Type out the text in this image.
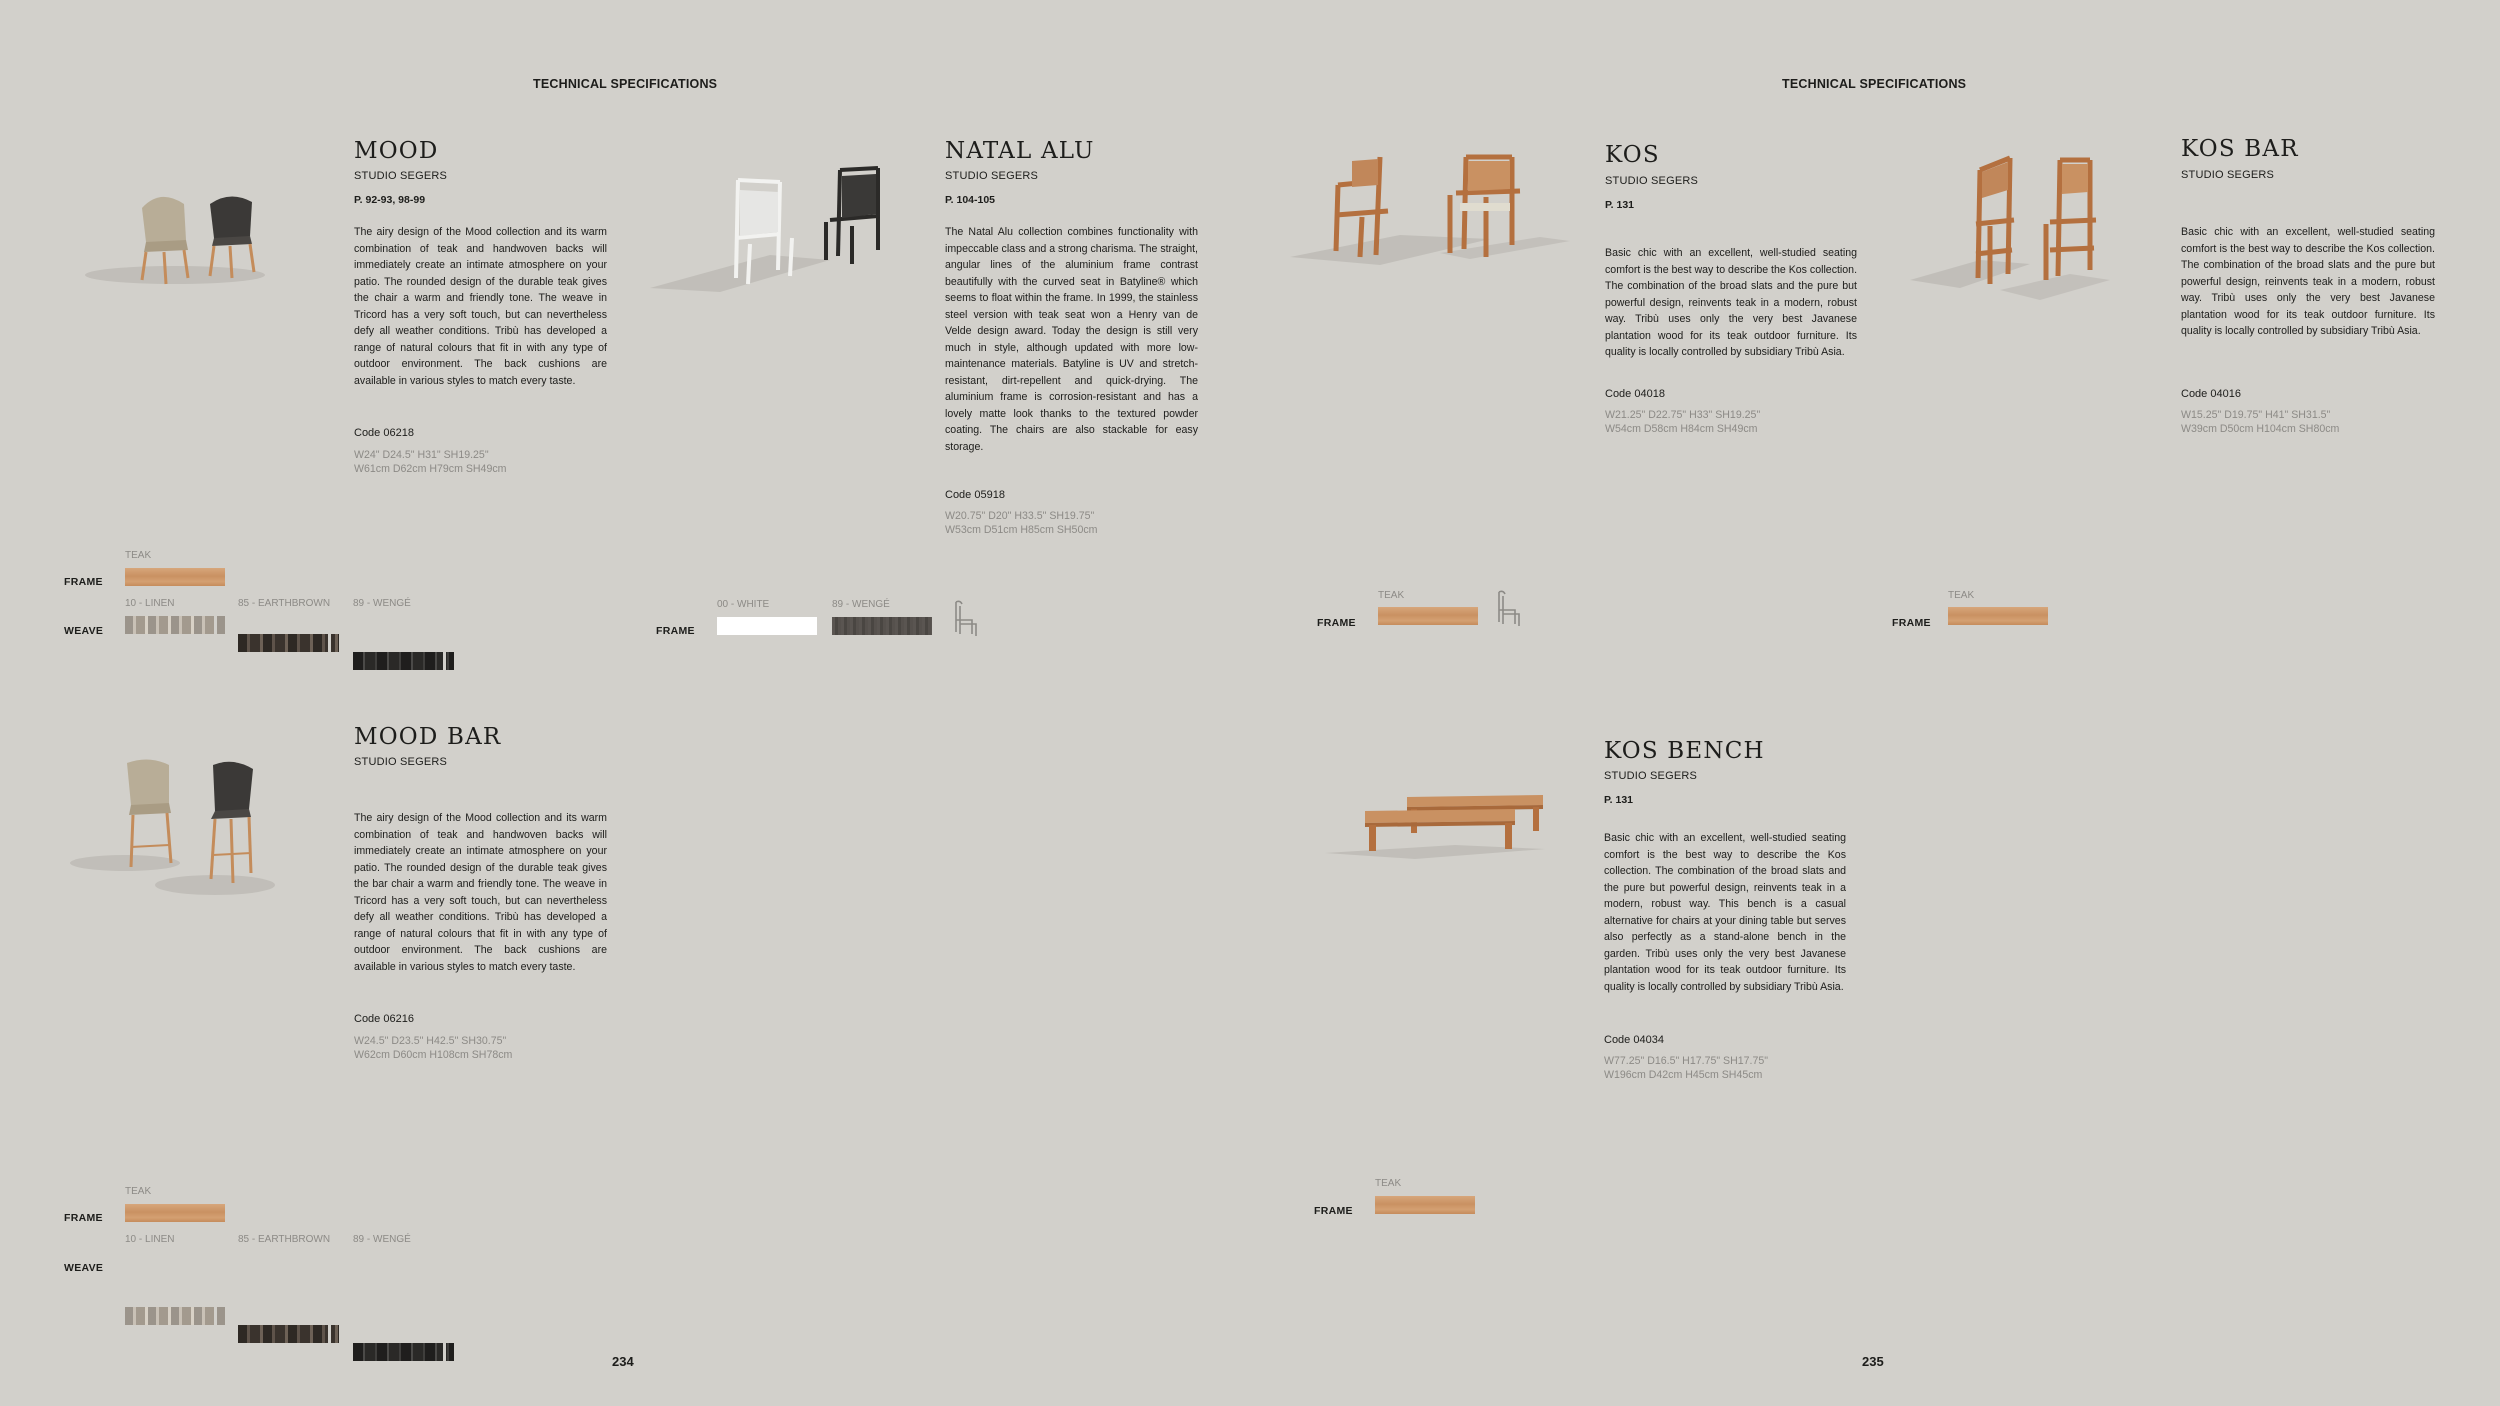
TECHNICAL SPECIFICATIONS	TECHNICAL SPECIFICATIONS
234	235
MOOD
STUDIO SEGERS
P. 92-93, 98-99
The airy design of the Mood collection and its warm combination of teak and handwoven backs will immediately create an intimate atmosphere on your patio. The rounded design of the durable teak gives the chair a warm and friendly tone. The weave in Tricord has a very soft touch, but can nevertheless defy all weather conditions. Tribù has developed a range of natural colours that fit in with any type of outdoor environment. The back cushions are available in various styles to match every taste.
Code 06218
W24" D24.5" H31" SH19.25"
W61cm D62cm H79cm SH49cm
TEAK
FRAME
10 - LINEN	85 - EARTHBROWN 89 - WENGÉ
WEAVE
NATAL ALU
STUDIO SEGERS
P. 104-105
The Natal Alu collection combines functionality with impeccable class and a strong charisma. The straight, angular lines of the aluminium frame contrast beautifully with the curved seat in Batyline® which seems to float within the frame. In 1999, the stainless steel version with teak seat won a Henry van de Velde design award. Today the design is still very much in style, although updated with more low-maintenance materials. Batyline is UV and stretch-resistant, dirt-repellent and quick-drying. The aluminium frame is corrosion-resistant and has a lovely matte look thanks to the textured powder coating. The chairs are also stackable for easy storage.
Code 05918
W20.75" D20" H33.5" SH19.75"
W53cm D51cm H85cm SH50cm
00 - WHITE	89 - WENGÉ
FRAME
KOS
STUDIO SEGERS
P. 131
Basic chic with an excellent, well-studied seating comfort is the best way to describe the Kos collection. The combination of the broad slats and the pure but powerful design, reinvents teak in a modern, robust way. Tribù uses only the very best Javanese plantation wood for its teak outdoor furniture. Its quality is locally controlled by subsidiary Tribù Asia.
Code 04018
W21.25" D22.75" H33" SH19.25"
W54cm D58cm H84cm SH49cm
TEAK
FRAME
KOS BAR
STUDIO SEGERS
Basic chic with an excellent, well-studied seating comfort is the best way to describe the Kos collection. The combination of the broad slats and the pure but powerful design, reinvents teak in a modern, robust way. Tribù uses only the very best Javanese plantation wood for its teak outdoor furniture. Its quality is locally controlled by subsidiary Tribù Asia.
Code 04016
W15.25" D19.75" H41" SH31.5"
W39cm D50cm H104cm SH80cm
TEAK
FRAME
MOOD BAR
STUDIO SEGERS
The airy design of the Mood collection and its warm combination of teak and handwoven backs will immediately create an intimate atmosphere on your patio. The rounded design of the durable teak gives the bar chair a warm and friendly tone. The weave in Tricord has a very soft touch, but can nevertheless defy all weather conditions. Tribù has developed a range of natural colours that fit in with any type of outdoor environment. The back cushions are available in various styles to match every taste.
Code 06216
W24.5" D23.5" H42.5" SH30.75"
W62cm D60cm H108cm SH78cm
TEAK
FRAME
10 - LINEN	85 - EARTHBROWN 89 - WENGÉ
WEAVE
KOS BENCH
STUDIO SEGERS
P. 131
Basic chic with an excellent, well-studied seating comfort is the best way to describe the Kos collection. The combination of the broad slats and the pure but powerful design, reinvents teak in a modern, robust way. This bench is a casual alternative for chairs at your dining table but serves also perfectly as a stand-alone bench in the garden. Tribù uses only the very best Javanese plantation wood for its teak outdoor furniture. Its quality is locally controlled by subsidiary Tribù Asia.
Code 04034
W77.25" D16.5" H17.75" SH17.75"
W196cm D42cm H45cm SH45cm
TEAK
FRAME
